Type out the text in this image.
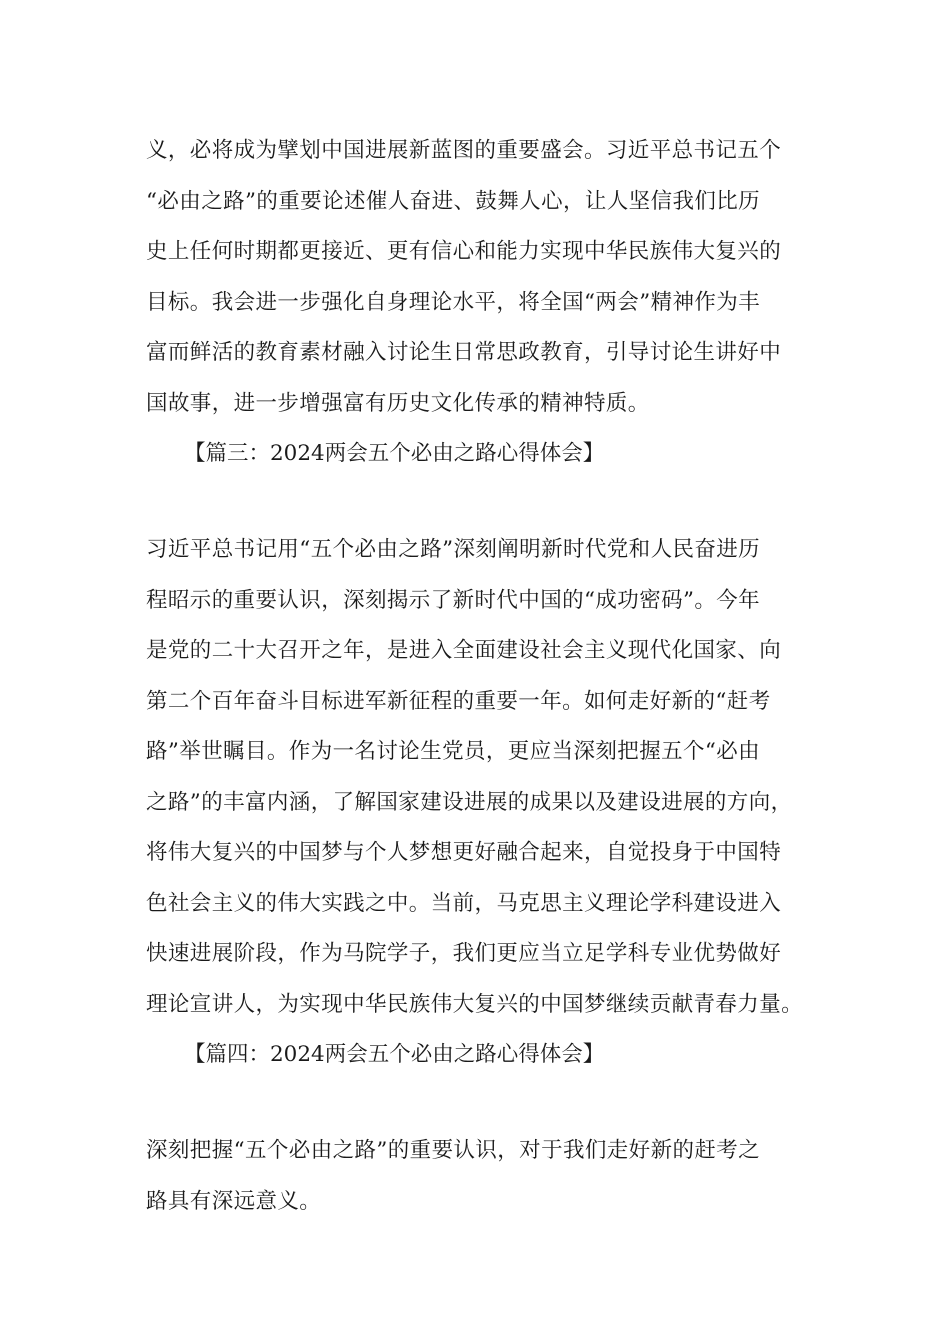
义，必将成为擘划中国进展新蓝图的重要盛会。习近平总书记五个
“必由之路”的重要论述催人奋进、鼓舞人心，让人坚信我们比历
史上任何时期都更接近、更有信心和能力实现中华民族伟大复兴的
目标。我会进一步强化自身理论水平，将全国“两会”精神作为丰
富而鲜活的教育素材融入讨论生日常思政教育，引导讨论生讲好中
国故事，进一步增强富有历史文化传承的精神特质。
【篇三：2024两会五个必由之路心得体会】
习近平总书记用“五个必由之路”深刻阐明新时代党和人民奋进历
程昭示的重要认识，深刻揭示了新时代中国的“成功密码”。今年
是党的二十大召开之年，是进入全面建设社会主义现代化国家、向
第二个百年奋斗目标进军新征程的重要一年。如何走好新的“赶考
路”举世瞩目。作为一名讨论生党员，更应当深刻把握五个“必由
之路”的丰富内涵，了解国家建设进展的成果以及建设进展的方向，
将伟大复兴的中国梦与个人梦想更好融合起来，自觉投身于中国特
色社会主义的伟大实践之中。当前，马克思主义理论学科建设进入
快速进展阶段，作为马院学子，我们更应当立足学科专业优势做好
理论宣讲人，为实现中华民族伟大复兴的中国梦继续贡献青春力量。
【篇四：2024两会五个必由之路心得体会】
深刻把握“五个必由之路”的重要认识，对于我们走好新的赶考之
路具有深远意义。
